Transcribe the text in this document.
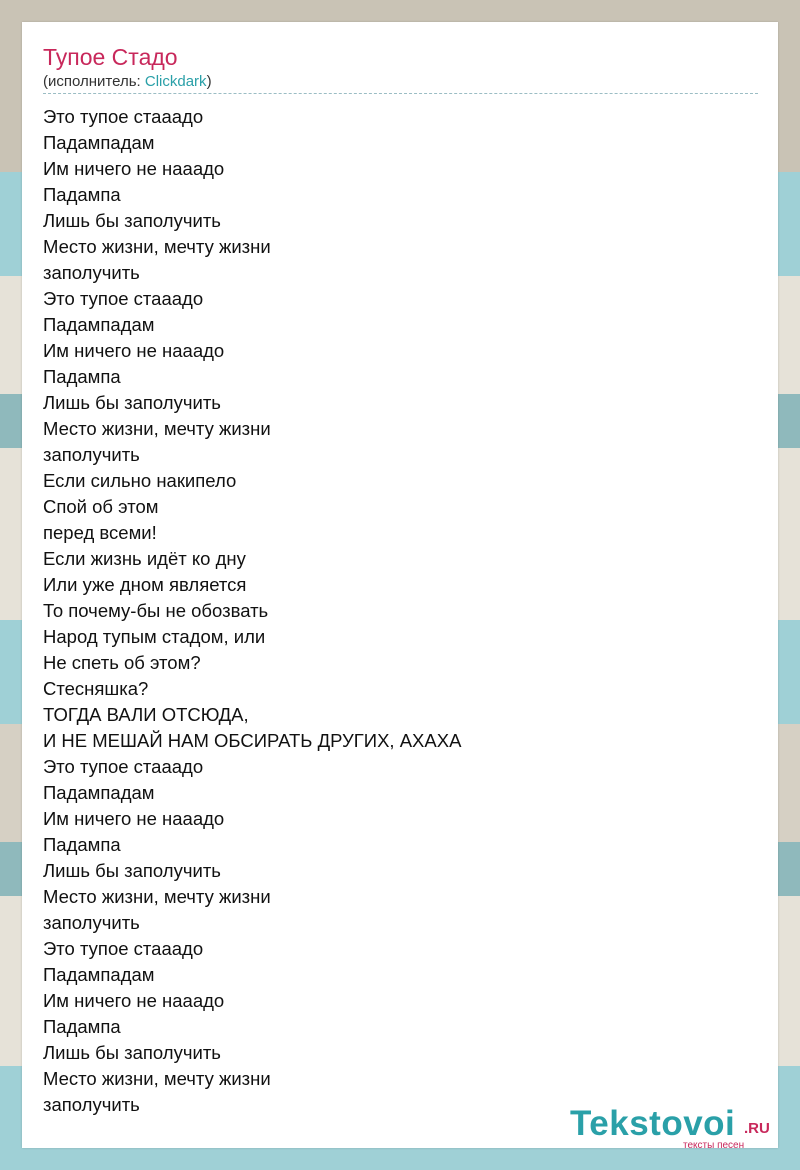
Тупое Стадо
(исполнитель: Clickdark)
Это тупое стааадо
Падампадам
Им ничего не нааадо
Падампа
Лишь бы заполучить
Место жизни, мечту жизни
заполучить
Это тупое стааадо
Падампадам
Им ничего не нааадо
Падампа
Лишь бы заполучить
Место жизни, мечту жизни
заполучить
Если сильно накипело
Спой об этом
перед всеми!
Если жизнь идёт ко дну
Или уже дном является
То почему-бы не обозвать
Народ тупым стадом, или
Не спеть об этом?
Стесняшка?
ТОГДА ВАЛИ ОТСЮДА,
И НЕ МЕШАЙ НАМ ОБСИРАТЬ ДРУГИХ, АХАХА
Это тупое стааадо
Падампадам
Им ничего не нааадо
Падампа
Лишь бы заполучить
Место жизни, мечту жизни
заполучить
Это тупое стааадо
Падампадам
Им ничего не нааадо
Падампа
Лишь бы заполучить
Место жизни, мечту жизни
заполучить	Tekstovoi .RU
тексты песен
